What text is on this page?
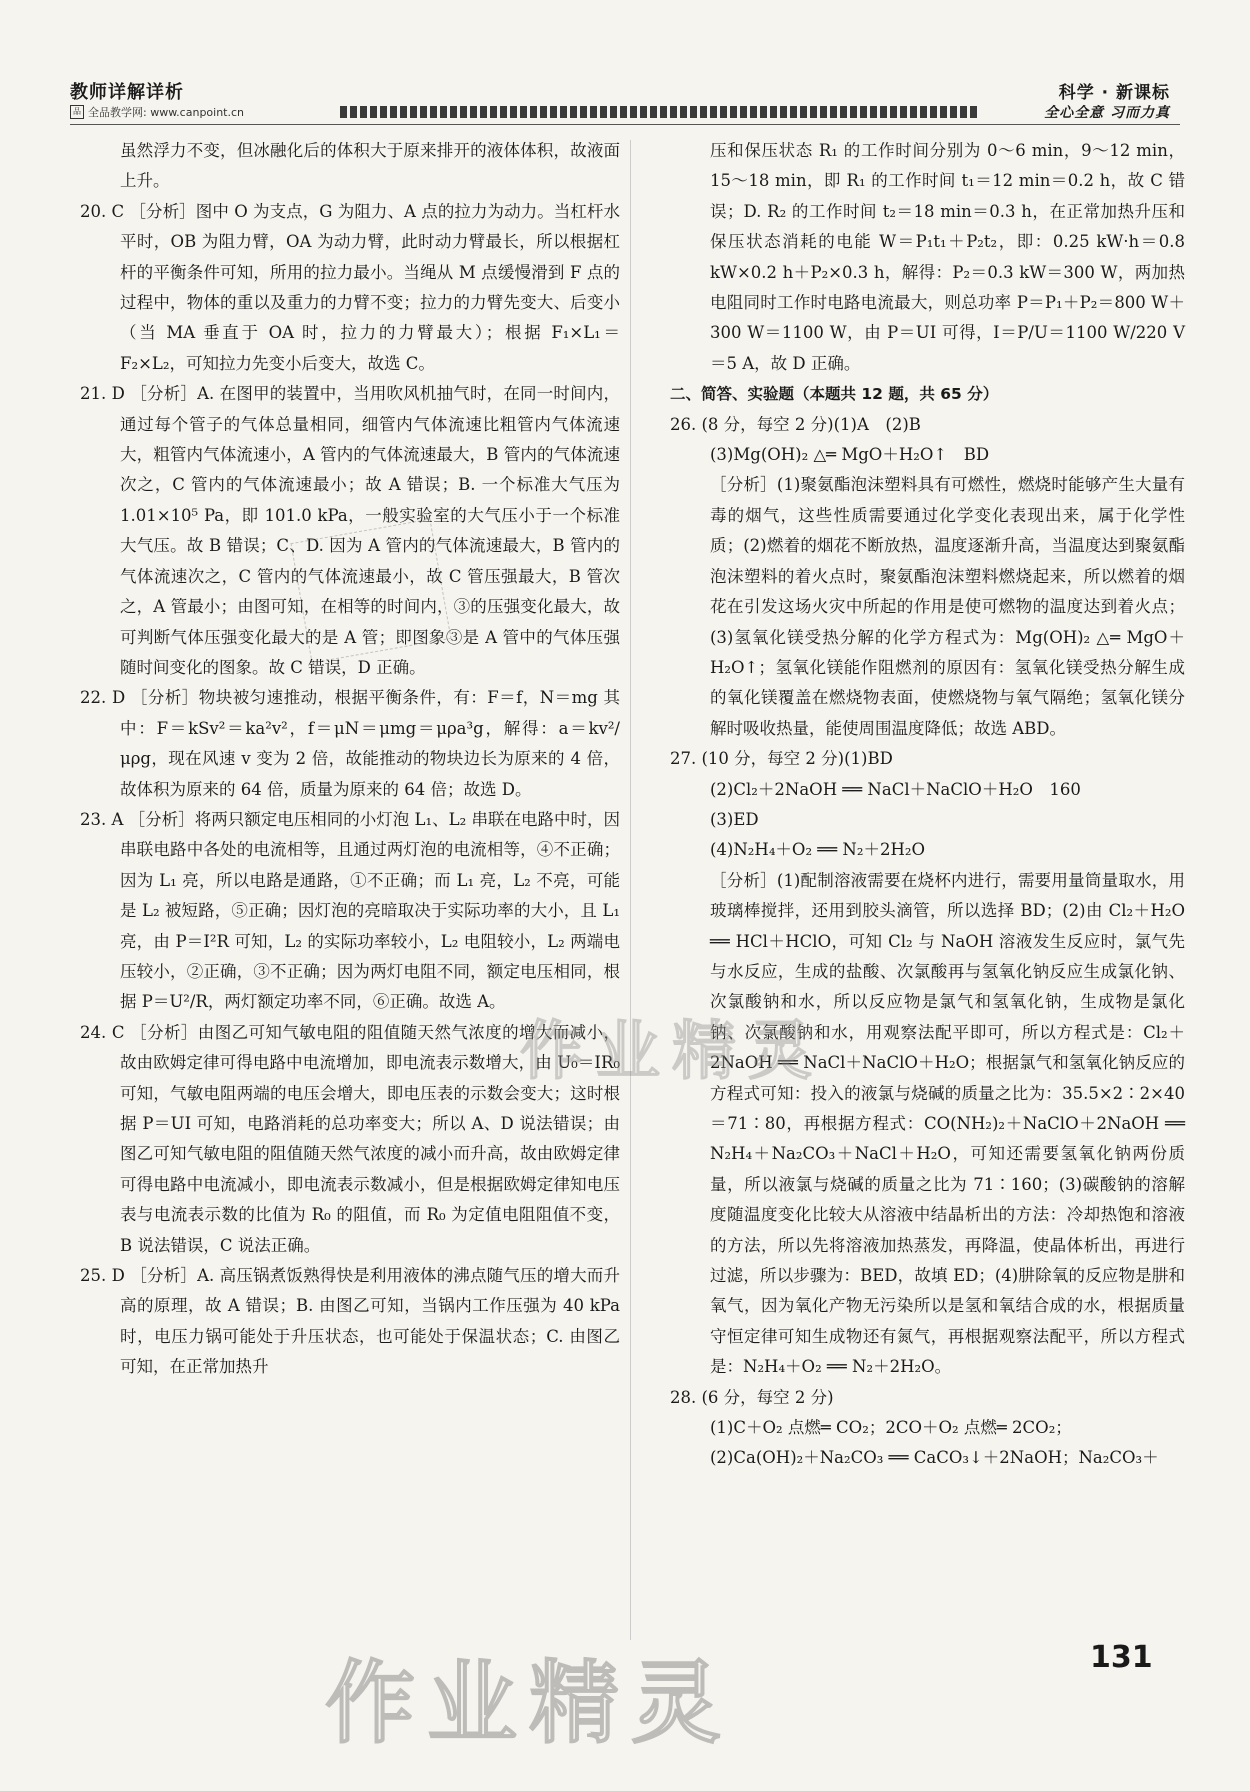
教师详解详析
品 全品教学网: www.canpoint.cn
科学 · 新课标
全心全意 习而力真

虽然浮力不变，但冰融化后的体积大于原来排开的液体体积，故液面上升。

20. C ［分析］图中 O 为支点，G 为阻力、A 点的拉力为动力。当杠杆水平时，OB 为阻力臂，OA 为动力臂，此时动力臂最长，所以根据杠杆的平衡条件可知，所用的拉力最小。当绳从 M 点缓慢滑到 F 点的过程中，物体的重以及重力的力臂不变；拉力的力臂先变大、后变小（当 MA 垂直于 OA 时，拉力的力臂最大）；根据 F₁×L₁＝F₂×L₂，可知拉力先变小后变大，故选 C。

21. D ［分析］A. 在图甲的装置中，当用吹风机抽气时，在同一时间内，通过每个管子的气体总量相同，细管内气体流速比粗管内气体流速大，粗管内气体流速小，A 管内的气体流速最大，B 管内的气体流速次之，C 管内的气体流速最小；故 A 错误；B. 一个标准大气压为 1.01×10⁵ Pa，即 101.0 kPa，一般实验室的大气压小于一个标准大气压。故 B 错误；C、D. 因为 A 管内的气体流速最大，B 管内的气体流速次之，C 管内的气体流速最小，故 C 管压强最大，B 管次之，A 管最小；由图可知，在相等的时间内，③的压强变化最大，故可判断气体压强变化最大的是 A 管；即图象③是 A 管中的气体压强随时间变化的图象。故 C 错误，D 正确。

22. D ［分析］物块被匀速推动，根据平衡条件，有：F＝f，N＝mg 其中：F＝kSv²＝ka²v²，f＝μN＝μmg＝μρa³g，解得：a＝kv²/μρg，现在风速 v 变为 2 倍，故能推动的物块边长为原来的 4 倍，故体积为原来的 64 倍，质量为原来的 64 倍；故选 D。

23. A ［分析］将两只额定电压相同的小灯泡 L₁、L₂ 串联在电路中时，因串联电路中各处的电流相等，且通过两灯泡的电流相等，④不正确；因为 L₁ 亮，所以电路是通路，①不正确；而 L₁ 亮，L₂ 不亮，可能是 L₂ 被短路，⑤正确；因灯泡的亮暗取决于实际功率的大小，且 L₁ 亮，由 P＝I²R 可知，L₂ 的实际功率较小，L₂ 电阻较小，L₂ 两端电压较小，②正确，③不正确；因为两灯电阻不同，额定电压相同，根据 P＝U²/R，两灯额定功率不同，⑥正确。故选 A。

24. C ［分析］由图乙可知气敏电阻的阻值随天然气浓度的增大而减小，故由欧姆定律可得电路中电流增加，即电流表示数增大，由 U₀＝IR₀ 可知，气敏电阻两端的电压会增大，即电压表的示数会变大；这时根据 P＝UI 可知，电路消耗的总功率变大；所以 A、D 说法错误；由图乙可知气敏电阻的阻值随天然气浓度的减小而升高，故由欧姆定律可得电路中电流减小，即电流表示数减小，但是根据欧姆定律知电压表与电流表示数的比值为 R₀ 的阻值，而 R₀ 为定值电阻阻值不变，B 说法错误，C 说法正确。

25. D ［分析］A. 高压锅煮饭熟得快是利用液体的沸点随气压的增大而升高的原理，故 A 错误；B. 由图乙可知，当锅内工作压强为 40 kPa 时，电压力锅可能处于升压状态，也可能处于保温状态；C. 由图乙可知，在正常加热升

压和保压状态 R₁ 的工作时间分别为 0～6 min，9～12 min，15～18 min，即 R₁ 的工作时间 t₁＝12 min＝0.2 h，故 C 错误；D. R₂ 的工作时间 t₂＝18 min＝0.3 h，在正常加热升压和保压状态消耗的电能 W＝P₁t₁＋P₂t₂，即：0.25 kW·h＝0.8 kW×0.2 h＋P₂×0.3 h，解得：P₂＝0.3 kW＝300 W，两加热电阻同时工作时电路电流最大，则总功率 P＝P₁＋P₂＝800 W＋300 W＝1100 W，由 P＝UI 可得，I＝P/U＝1100 W/220 V＝5 A，故 D 正确。

二、简答、实验题（本题共 12 题，共 65 分）

26. (8 分，每空 2 分)(1)A　(2)B

(3)Mg(OH)₂ △═ MgO＋H₂O↑　BD

［分析］(1)聚氨酯泡沫塑料具有可燃性，燃烧时能够产生大量有毒的烟气，这些性质需要通过化学变化表现出来，属于化学性质；(2)燃着的烟花不断放热，温度逐渐升高，当温度达到聚氨酯泡沫塑料的着火点时，聚氨酯泡沫塑料燃烧起来，所以燃着的烟花在引发这场火灾中所起的作用是使可燃物的温度达到着火点；(3)氢氧化镁受热分解的化学方程式为：Mg(OH)₂ △═ MgO＋H₂O↑；氢氧化镁能作阻燃剂的原因有：氢氧化镁受热分解生成的氧化镁覆盖在燃烧物表面，使燃烧物与氧气隔绝；氢氧化镁分解时吸收热量，能使周围温度降低；故选 ABD。

27. (10 分，每空 2 分)(1)BD

(2)Cl₂＋2NaOH ══ NaCl＋NaClO＋H₂O　160

(3)ED

(4)N₂H₄＋O₂ ══ N₂＋2H₂O

［分析］(1)配制溶液需要在烧杯内进行，需要用量筒量取水，用玻璃棒搅拌，还用到胶头滴管，所以选择 BD；(2)由 Cl₂＋H₂O ══ HCl＋HClO，可知 Cl₂ 与 NaOH 溶液发生反应时，氯气先与水反应，生成的盐酸、次氯酸再与氢氧化钠反应生成氯化钠、次氯酸钠和水，所以反应物是氯气和氢氧化钠，生成物是氯化钠、次氯酸钠和水，用观察法配平即可，所以方程式是：Cl₂＋2NaOH ══ NaCl＋NaClO＋H₂O；根据氯气和氢氧化钠反应的方程式可知：投入的液氯与烧碱的质量之比为：35.5×2∶2×40＝71∶80，再根据方程式：CO(NH₂)₂＋NaClO＋2NaOH ══ N₂H₄＋Na₂CO₃＋NaCl＋H₂O，可知还需要氢氧化钠两份质量，所以液氯与烧碱的质量之比为 71∶160；(3)碳酸钠的溶解度随温度变化比较大从溶液中结晶析出的方法：冷却热饱和溶液的方法，所以先将溶液加热蒸发，再降温，使晶体析出，再进行过滤，所以步骤为：BED，故填 ED；(4)肼除氧的反应物是肼和氧气，因为氧化产物无污染所以是氢和氧结合成的水，根据质量守恒定律可知生成物还有氮气，再根据观察法配平，所以方程式是：N₂H₄＋O₂ ══ N₂＋2H₂O。

28. (6 分，每空 2 分)

(1)C＋O₂ 点燃═ CO₂；2CO＋O₂ 点燃═ 2CO₂；

(2)Ca(OH)₂＋Na₂CO₃ ══ CaCO₃↓＋2NaOH；Na₂CO₃＋

作业精灵
作业精灵	131
